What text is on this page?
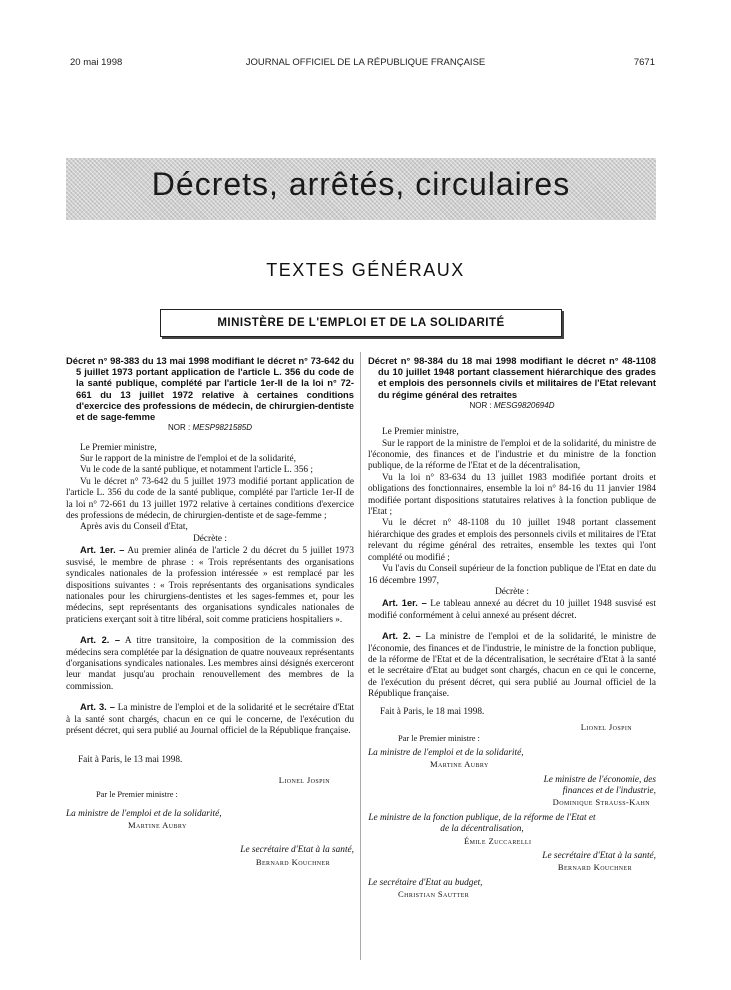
20 mai 1998	JOURNAL OFFICIEL DE LA RÉPUBLIQUE FRANÇAISE	7671
Décrets, arrêtés, circulaires
TEXTES GÉNÉRAUX
MINISTÈRE DE L'EMPLOI ET DE LA SOLIDARITÉ

Décret n° 98-383 du 13 mai 1998 modifiant le décret n° 73-642 du 5 juillet 1973 portant application de l'article L. 356 du code de la santé publique, complété par l'article 1er-II de la loi n° 72-661 du 13 juillet 1972 relative à certaines conditions d'exercice des professions de médecin, de chirurgien-dentiste et de sage-femme

NOR : MESP9821585D

Le Premier ministre,

Sur le rapport de la ministre de l'emploi et de la solidarité,

Vu le code de la santé publique, et notamment l'article L. 356 ;

Vu le décret n° 73-642 du 5 juillet 1973 modifié portant application de l'article L. 356 du code de la santé publique, complété par l'article 1er-II de la loi n° 72-661 du 13 juillet 1972 relative à certaines conditions d'exercice des professions de médecin, de chirurgien-dentiste et de sage-femme ;

Après avis du Conseil d'Etat,

Décrète :

Art. 1er. – Au premier alinéa de l'article 2 du décret du 5 juillet 1973 susvisé, le membre de phrase : « Trois représentants des organisations syndicales nationales de la profession intéressée » est remplacé par les dispositions suivantes : « Trois représentants des organisations syndicales nationales pour les chirurgiens-dentistes et les sages-femmes et, pour les médecins, sept représentants des organisations syndicales nationales de praticiens exerçant soit à titre libéral, soit comme praticiens hospitaliers ».

Art. 2. – A titre transitoire, la composition de la commission des médecins sera complétée par la désignation de quatre nouveaux représentants d'organisations syndicales nationales. Les membres ainsi désignés exerceront leur mandat jusqu'au prochain renouvellement des membres de la commission.

Art. 3. – La ministre de l'emploi et de la solidarité et le secrétaire d'Etat à la santé sont chargés, chacun en ce qui le concerne, de l'exécution du présent décret, qui sera publié au Journal officiel de la République française.

Fait à Paris, le 13 mai 1998.

Lionel Jospin

Par le Premier ministre :

La ministre de l'emploi et de la solidarité,

Martine Aubry

Le secrétaire d'Etat à la santé,

Bernard Kouchner

Décret n° 98-384 du 18 mai 1998 modifiant le décret n° 48-1108 du 10 juillet 1948 portant classement hiérarchique des grades et emplois des personnels civils et militaires de l'Etat relevant du régime général des retraites

NOR : MESG9820694D

Le Premier ministre,

Sur le rapport de la ministre de l'emploi et de la solidarité, du ministre de l'économie, des finances et de l'industrie et du ministre de la fonction publique, de la réforme de l'Etat et de la décentralisation,

Vu la loi n° 83-634 du 13 juillet 1983 modifiée portant droits et obligations des fonctionnaires, ensemble la loi n° 84-16 du 11 janvier 1984 modifiée portant dispositions statutaires relatives à la fonction publique de l'Etat ;

Vu le décret n° 48-1108 du 10 juillet 1948 portant classement hiérarchique des grades et emplois des personnels civils et militaires de l'Etat relevant du régime général des retraites, ensemble les textes qui l'ont complété ou modifié ;

Vu l'avis du Conseil supérieur de la fonction publique de l'Etat en date du 16 décembre 1997,

Décrète :

Art. 1er. – Le tableau annexé au décret du 10 juillet 1948 susvisé est modifié conformément à celui annexé au présent décret.

Art. 2. – La ministre de l'emploi et de la solidarité, le ministre de l'économie, des finances et de l'industrie, le ministre de la fonction publique, de la réforme de l'Etat et de la décentralisation, le secrétaire d'Etat à la santé et le secrétaire d'Etat au budget sont chargés, chacun en ce qui le concerne, de l'exécution du présent décret, qui sera publié au Journal officiel de la République française.

Fait à Paris, le 18 mai 1998.

Lionel Jospin

Par le Premier ministre :

La ministre de l'emploi et de la solidarité,

Martine Aubry

Le ministre de l'économie, des finances et de l'industrie,

Dominique Strauss-Kahn

Le ministre de la fonction publique, de la réforme de l'Etat et de la décentralisation,

Émile Zuccarelli

Le secrétaire d'Etat à la santé,

Bernard Kouchner

Le secrétaire d'Etat au budget,

Christian Sautter
